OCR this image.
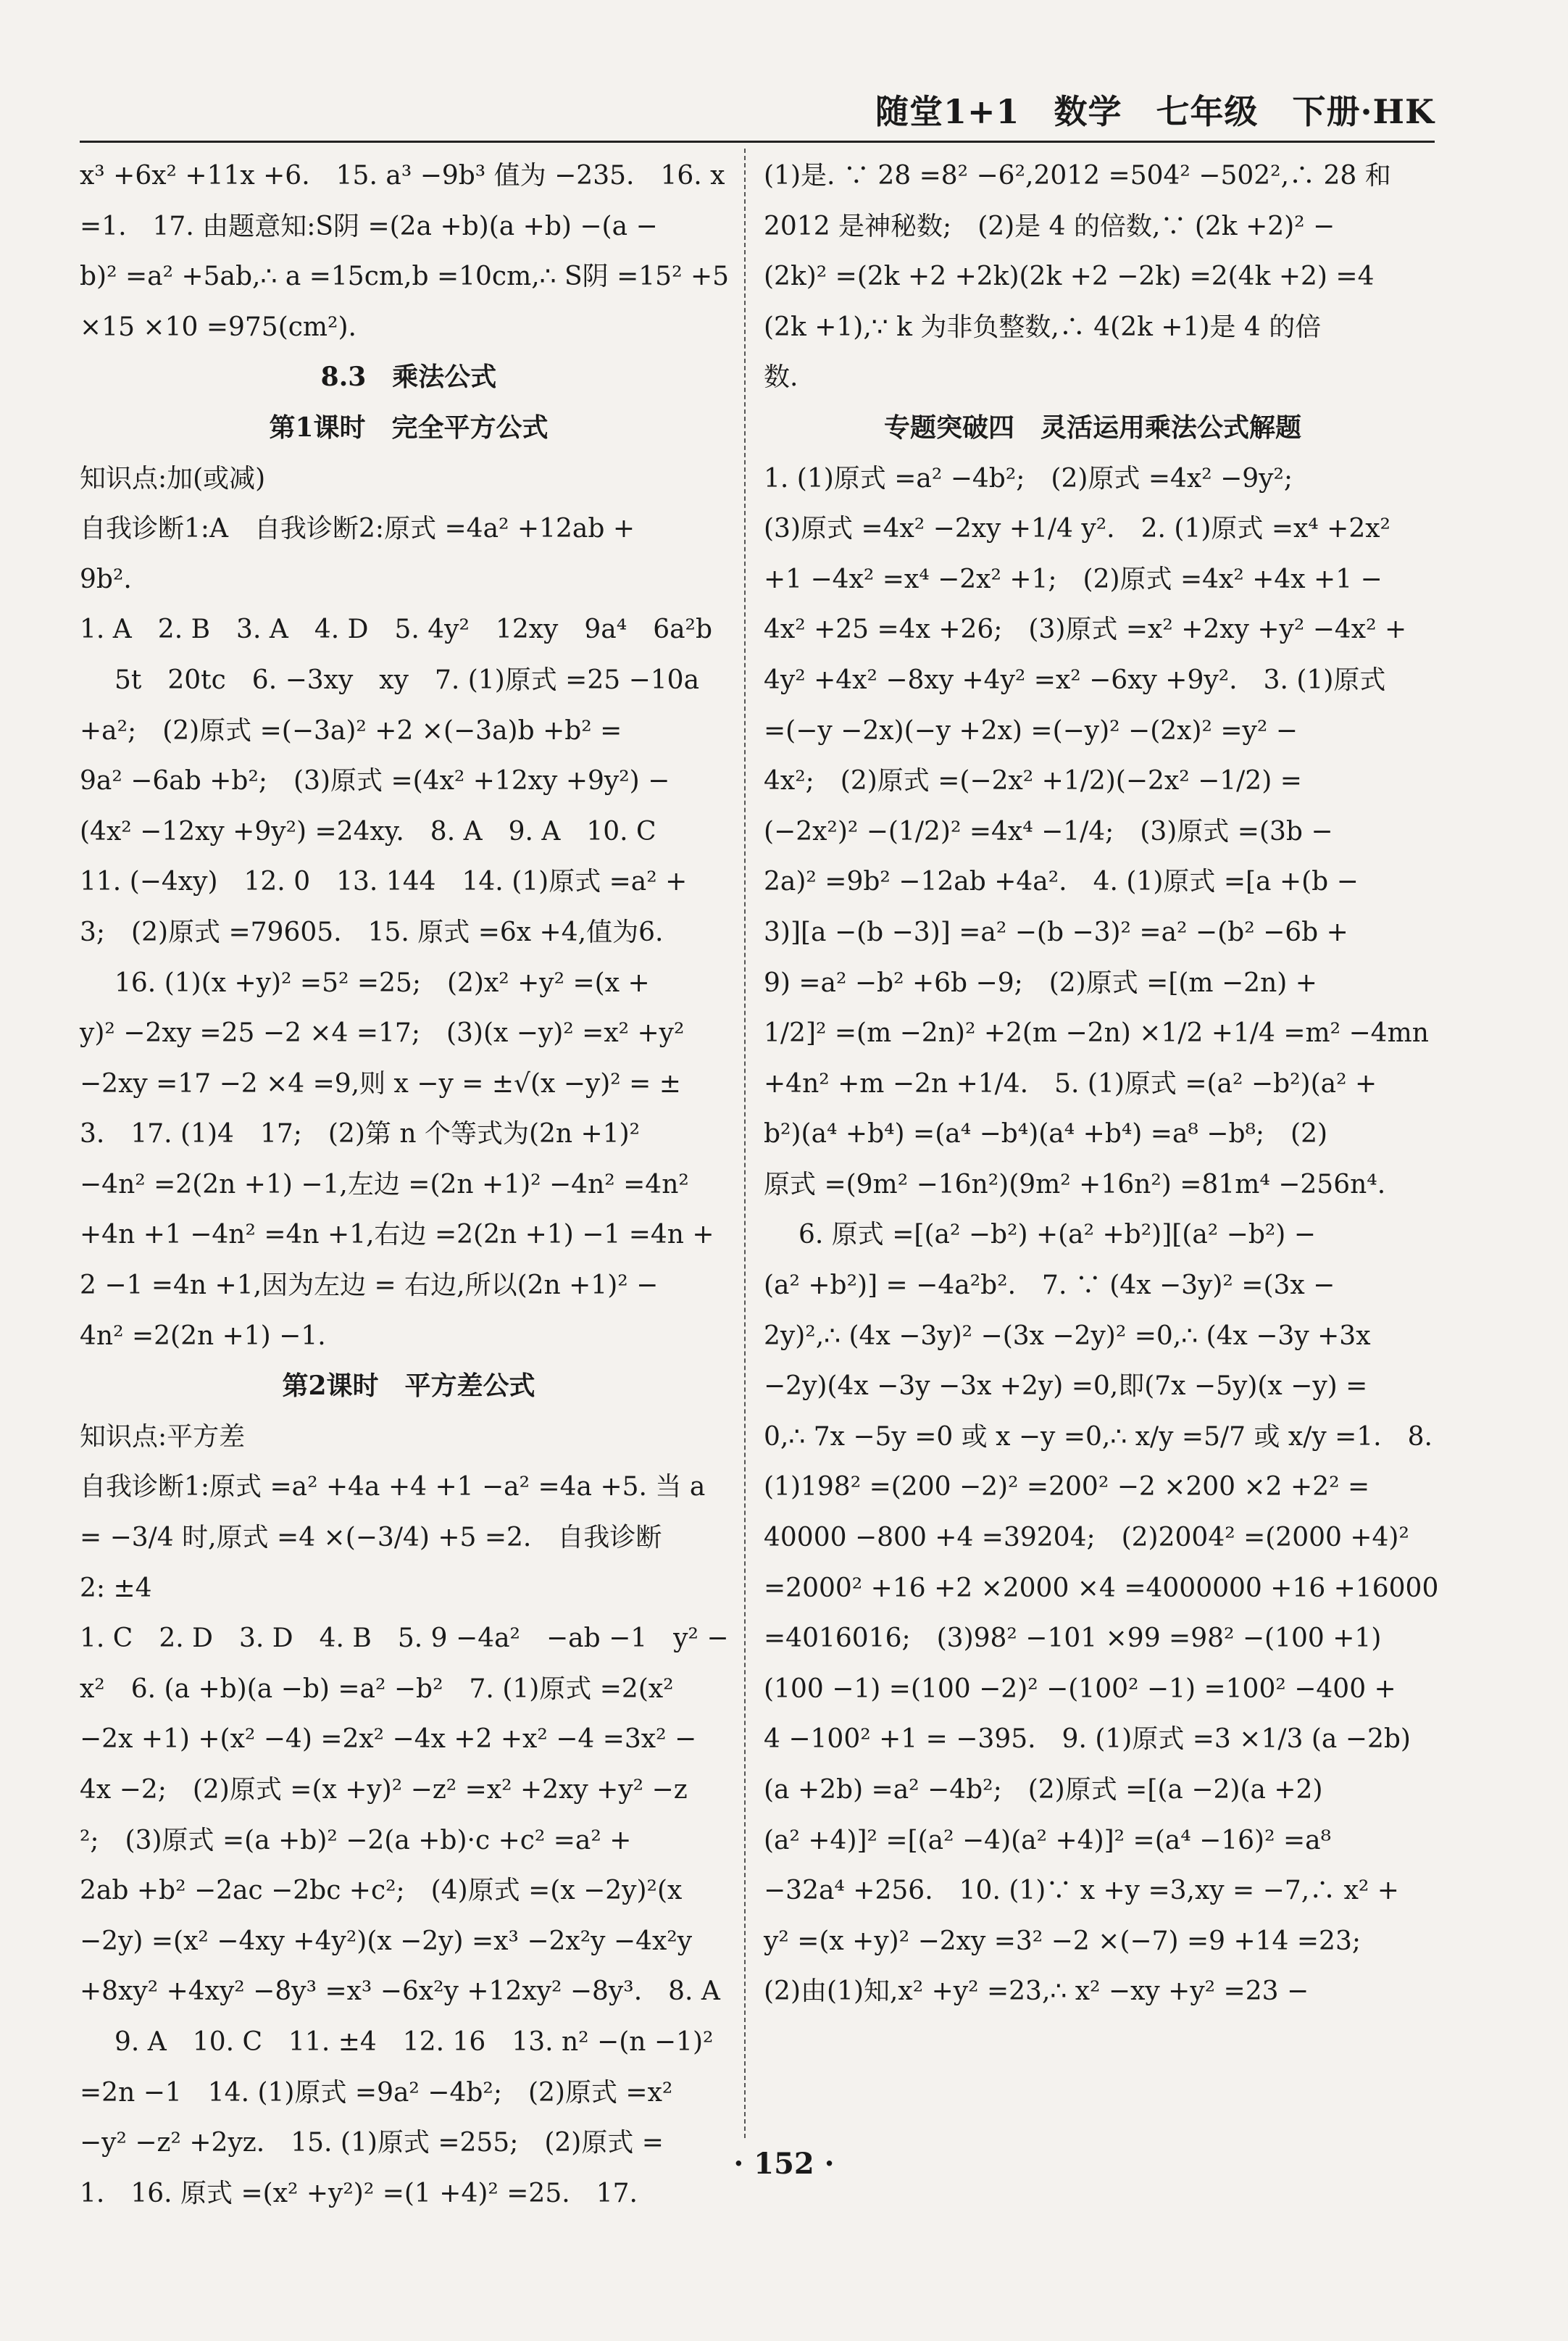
随堂1+1　数学　七年级　下册·HK
x³ +6x² +11x +6.　15. a³ −9b³ 值为 −235.　16. x
=1.　17. 由题意知:S阴 =(2a +b)(a +b) −(a −
b)² =a² +5ab,∴ a =15cm,b =10cm,∴ S阴 =15² +5
×15 ×10 =975(cm²).
8.3　乘法公式
第1课时　完全平方公式
知识点:加(或减)
自我诊断1:A　自我诊断2:原式 =4a² +12ab +
9b².
1. A　2. B　3. A　4. D　5. 4y²　12xy　9a⁴　6a²b
5t　20tc　6. −3xy　xy　7. (1)原式 =25 −10a
+a²;　(2)原式 =(−3a)² +2 ×(−3a)b +b² =
9a² −6ab +b²;　(3)原式 =(4x² +12xy +9y²) −
(4x² −12xy +9y²) =24xy.　8. A　9. A　10. C
11. (−4xy)　12. 0　13. 144　14. (1)原式 =a² +
3;　(2)原式 =79605.　15. 原式 =6x +4,值为6.
16. (1)(x +y)² =5² =25;　(2)x² +y² =(x +
y)² −2xy =25 −2 ×4 =17;　(3)(x −y)² =x² +y²
−2xy =17 −2 ×4 =9,则 x −y = ±√(x −y)² = ±
3.　17. (1)4　17;　(2)第 n 个等式为(2n +1)²
−4n² =2(2n +1) −1,左边 =(2n +1)² −4n² =4n²
+4n +1 −4n² =4n +1,右边 =2(2n +1) −1 =4n +
2 −1 =4n +1,因为左边 = 右边,所以(2n +1)² −
4n² =2(2n +1) −1.
第2课时　平方差公式
知识点:平方差
自我诊断1:原式 =a² +4a +4 +1 −a² =4a +5. 当 a
= −3/4 时,原式 =4 ×(−3/4) +5 =2.　自我诊断
2: ±4
1. C　2. D　3. D　4. B　5. 9 −4a²　−ab −1　y² −
x²　6. (a +b)(a −b) =a² −b²　7. (1)原式 =2(x²
−2x +1) +(x² −4) =2x² −4x +2 +x² −4 =3x² −
4x −2;　(2)原式 =(x +y)² −z² =x² +2xy +y² −z
²;　(3)原式 =(a +b)² −2(a +b)·c +c² =a² +
2ab +b² −2ac −2bc +c²;　(4)原式 =(x −2y)²(x
−2y) =(x² −4xy +4y²)(x −2y) =x³ −2x²y −4x²y
+8xy² +4xy² −8y³ =x³ −6x²y +12xy² −8y³.　8. A
9. A　10. C　11. ±4　12. 16　13. n² −(n −1)²
=2n −1　14. (1)原式 =9a² −4b²;　(2)原式 =x²
−y² −z² +2yz.　15. (1)原式 =255;　(2)原式 =
1.　16. 原式 =(x² +y²)² =(1 +4)² =25.　17.
(1)是. ∵ 28 =8² −6²,2012 =504² −502²,∴ 28 和
2012 是神秘数;　(2)是 4 的倍数,∵ (2k +2)² −
(2k)² =(2k +2 +2k)(2k +2 −2k) =2(4k +2) =4
(2k +1),∵ k 为非负整数,∴ 4(2k +1)是 4 的倍
数.
专题突破四　灵活运用乘法公式解题
1. (1)原式 =a² −4b²;　(2)原式 =4x² −9y²;
(3)原式 =4x² −2xy +1/4 y².　2. (1)原式 =x⁴ +2x²
+1 −4x² =x⁴ −2x² +1;　(2)原式 =4x² +4x +1 −
4x² +25 =4x +26;　(3)原式 =x² +2xy +y² −4x² +
4y² +4x² −8xy +4y² =x² −6xy +9y².　3. (1)原式
=(−y −2x)(−y +2x) =(−y)² −(2x)² =y² −
4x²;　(2)原式 =(−2x² +1/2)(−2x² −1/2) =
(−2x²)² −(1/2)² =4x⁴ −1/4;　(3)原式 =(3b −
2a)² =9b² −12ab +4a².　4. (1)原式 =[a +(b −
3)][a −(b −3)] =a² −(b −3)² =a² −(b² −6b +
9) =a² −b² +6b −9;　(2)原式 =[(m −2n) +
1/2]² =(m −2n)² +2(m −2n) ×1/2 +1/4 =m² −4mn
+4n² +m −2n +1/4.　5. (1)原式 =(a² −b²)(a² +
b²)(a⁴ +b⁴) =(a⁴ −b⁴)(a⁴ +b⁴) =a⁸ −b⁸;　(2)
原式 =(9m² −16n²)(9m² +16n²) =81m⁴ −256n⁴.
6. 原式 =[(a² −b²) +(a² +b²)][(a² −b²) −
(a² +b²)] = −4a²b².　7. ∵ (4x −3y)² =(3x −
2y)²,∴ (4x −3y)² −(3x −2y)² =0,∴ (4x −3y +3x
−2y)(4x −3y −3x +2y) =0,即(7x −5y)(x −y) =
0,∴ 7x −5y =0 或 x −y =0,∴ x/y =5/7 或 x/y =1.　8.
(1)198² =(200 −2)² =200² −2 ×200 ×2 +2² =
40000 −800 +4 =39204;　(2)2004² =(2000 +4)²
=2000² +16 +2 ×2000 ×4 =4000000 +16 +16000
=4016016;　(3)98² −101 ×99 =98² −(100 +1)
(100 −1) =(100 −2)² −(100² −1) =100² −400 +
4 −100² +1 = −395.　9. (1)原式 =3 ×1/3 (a −2b)
(a +2b) =a² −4b²;　(2)原式 =[(a −2)(a +2)
(a² +4)]² =[(a² −4)(a² +4)]² =(a⁴ −16)² =a⁸
−32a⁴ +256.　10. (1)∵ x +y =3,xy = −7,∴ x² +
y² =(x +y)² −2xy =3² −2 ×(−7) =9 +14 =23;
(2)由(1)知,x² +y² =23,∴ x² −xy +y² =23 −
· 152 ·
